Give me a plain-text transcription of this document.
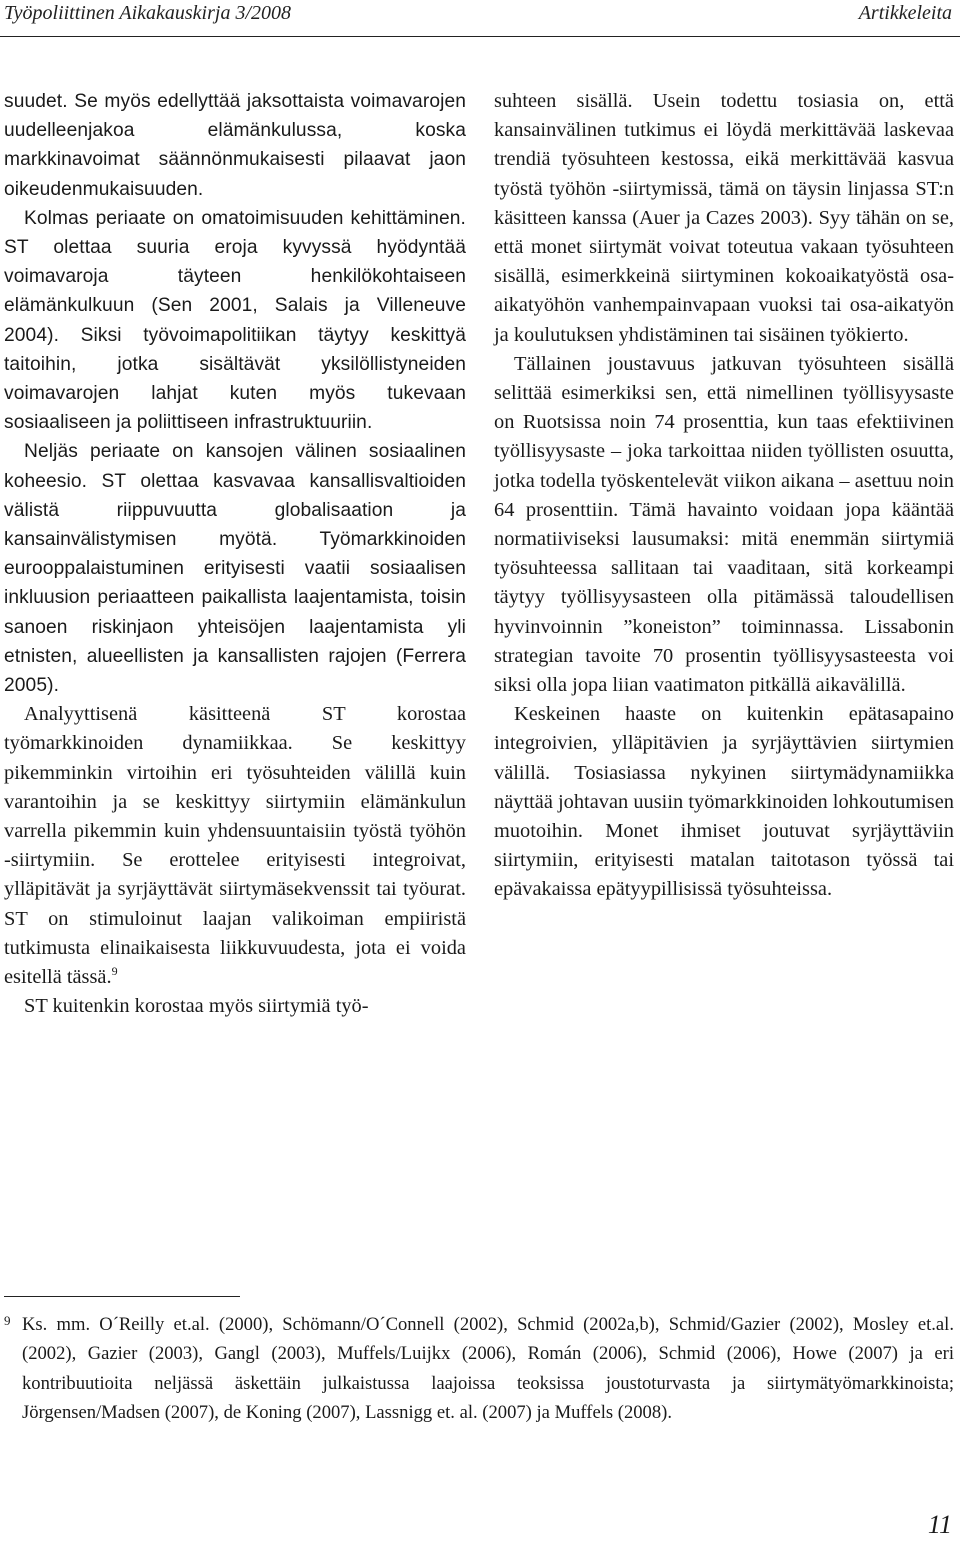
Työpoliittinen Aikakauskirja 3/2008	Artikkeleita

suudet. Se myös edellyttää jaksottaista voimavarojen uudelleenjakoa elämänkulussa, koska markkinavoimat säännönmukaisesti pilaavat jaon oikeudenmukaisuuden.

Kolmas periaate on omatoimisuuden kehittäminen. ST olettaa suuria eroja kyvyssä hyödyntää voimavaroja täyteen henkilökohtaiseen elämänkulkuun (Sen 2001, Salais ja Villeneuve 2004). Siksi työvoimapolitiikan täytyy keskittyä taitoihin, jotka sisältävät yksilöllistyneiden voimavarojen lahjat kuten myös tukevaan sosiaaliseen ja poliittiseen infrastruktuuriin.

Neljäs periaate on kansojen välinen sosiaalinen koheesio. ST olettaa kasvavaa kansallisvaltioiden välistä riippuvuutta globalisaation ja kansainvälistymisen myötä. Työmarkkinoiden eurooppalaistuminen erityisesti vaatii sosiaalisen inkluusion periaatteen paikallista laajentamista, toisin sanoen riskinjaon yhteisöjen laajentamista yli etnisten, alueellisten ja kansallisten rajojen (Ferrera 2005).

Analyyttisenä käsitteenä ST korostaa työmarkkinoiden dynamiikkaa. Se keskittyy pikemminkin virtoihin eri työsuhteiden välillä kuin varantoihin ja se keskittyy siirtymiin elämänkulun varrella pikemmin kuin yhdensuuntaisiin työstä työhön -siirtymiin. Se erottelee erityisesti integroivat, ylläpitävät ja syrjäyttävät siirtymäsekvenssit tai työurat. ST on stimuloinut laajan valikoiman empiiristä tutkimusta elinaikaisesta liikkuvuudesta, jota ei voida esitellä tässä.$^9$

ST kuitenkin korostaa myös siirtymiä työ-

suhteen sisällä. Usein todettu tosiasia on, että kansainvälinen tutkimus ei löydä merkittävää laskevaa trendiä työsuhteen kestossa, eikä merkittävää kasvua työstä työhön -siirtymissä, tämä on täysin linjassa ST:n käsitteen kanssa (Auer ja Cazes 2003). Syy tähän on se, että monet siirtymät voivat toteutua vakaan työsuhteen sisällä, esimerkkeinä siirtyminen kokoaikatyöstä osa-aikatyöhön vanhempainvapaan vuoksi tai osa-aikatyön ja koulutuksen yhdistäminen tai sisäinen työkierto.

Tällainen joustavuus jatkuvan työsuhteen sisällä selittää esimerkiksi sen, että nimellinen työllisyysaste on Ruotsissa noin 74 prosenttia, kun taas efektiivinen työllisyysaste – joka tarkoittaa niiden työllisten osuutta, jotka todella työskentelevät viikon aikana – asettuu noin 64 prosenttiin. Tämä havainto voidaan jopa kääntää normatiiviseksi lausumaksi: mitä enemmän siirtymiä työsuhteessa sallitaan tai vaaditaan, sitä korkeampi täytyy työllisyysasteen olla pitämässä taloudellisen hyvinvoinnin ”koneiston” toiminnassa. Lissabonin strategian tavoite 70 prosentin työllisyysasteesta voi siksi olla jopa liian vaatimaton pitkällä aikavälillä.

Keskeinen haaste on kuitenkin epätasapaino integroivien, ylläpitävien ja syrjäyttävien siirtymien välillä. Tosiasiassa nykyinen siirtymädynamiikka näyttää johtavan uusiin työmarkkinoiden lohkoutumisen muotoihin. Monet ihmiset joutuvat syrjäyttäviin siirtymiin, erityisesti matalan taitotason työssä tai epävakaissa epätyypillisissä työsuhteissa.

9 Ks. mm. O´Reilly et.al. (2000), Schömann/O´Connell (2002), Schmid (2002a,b), Schmid/Gazier (2002), Mosley et.al. (2002), Gazier (2003), Gangl (2003), Muffels/Luijkx (2006), Román (2006), Schmid (2006), Howe (2007) ja eri kontribuutioita neljässä äskettäin julkaistussa laajoissa teoksissa joustoturvasta ja siirtymätyömarkkinoista; Jörgensen/Madsen (2007), de Koning (2007), Lassnigg et. al. (2007) ja Muffels (2008).
11
